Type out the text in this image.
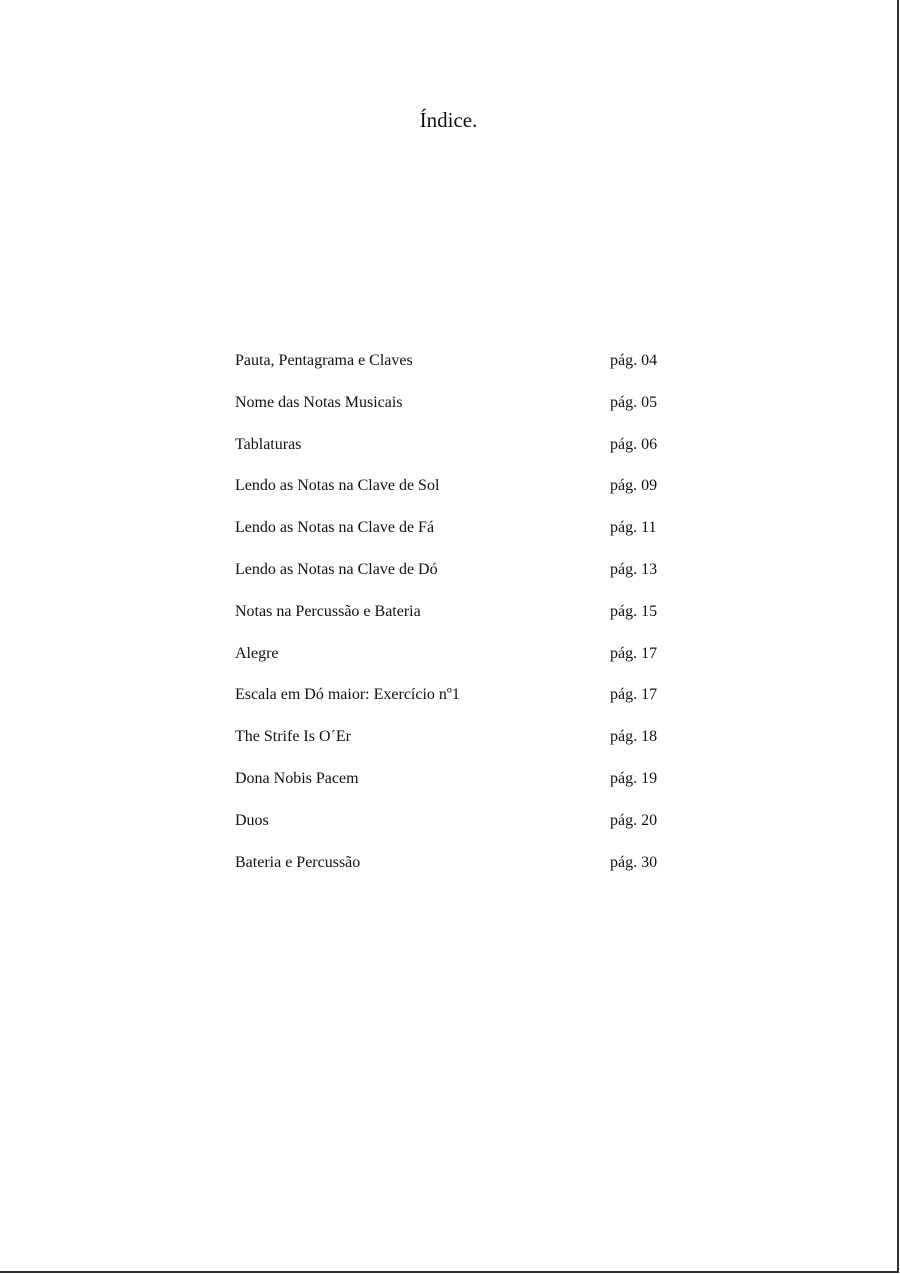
Índice.
Pauta, Pentagrama e Claves	pág. 04
Nome das Notas Musicais	pág. 05
Tablaturas	pág. 06
Lendo as Notas na Clave de Sol	pág. 09
Lendo as Notas na Clave de Fá	pág. 11
Lendo as Notas na Clave de Dó	pág. 13
Notas na Percussão e Bateria	pág. 15
Alegre	pág. 17
Escala em Dó maior: Exercício nº1	pág. 17
The Strife Is O´Er	pág. 18
Dona Nobis Pacem	pág. 19
Duos	pág. 20
Bateria e Percussão	pág. 30
